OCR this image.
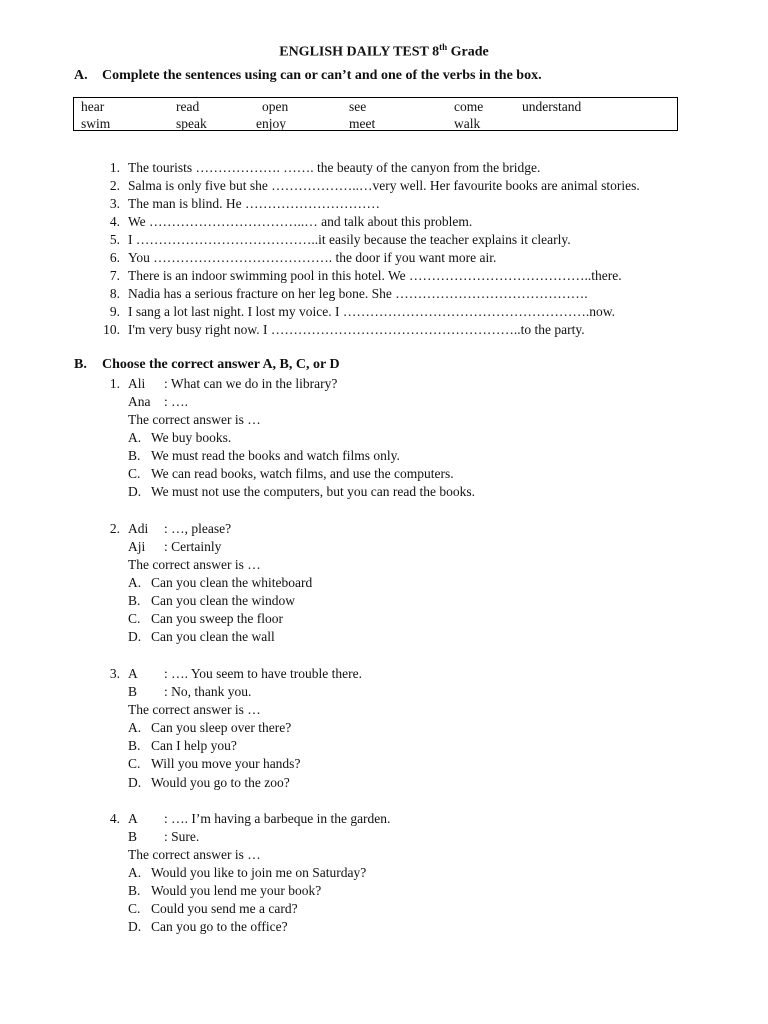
ENGLISH DAILY TEST 8th Grade
A. Complete the sentences using can or can’t and one of the verbs in the box.
hear	read	open	see	come	understand
swim	speak	enjoy	meet	walk
1. The tourists ………………. ……. the beauty of the canyon from the bridge.
2. Salma is only five but she ………………..…very well. Her favourite books are animal stories.
3. The man is blind. He …………………………
4. We ……………………………..… and talk about this problem.
5. I …………………………………..it easily because the teacher explains it clearly.
6. You …………………………………. the door if you want more air.
7. There is an indoor swimming pool in this hotel. We …………………………………..there.
8. Nadia has a serious fracture on her leg bone. She …………………………………….
9. I sang a lot last night. I lost my voice. I ……………………………………………….now.
10. I'm very busy right now. I ………………………………………………..to the party.
B. Choose the correct answer A, B, C, or D
1. Ali : What can we do in the library?
Ana : ….
The correct answer is …
A. We buy books.
B. We must read the books and watch films only.
C. We can read books, watch films, and use the computers.
D. We must not use the computers, but you can read the books.
2. Adi : …, please?
Aji : Certainly
The correct answer is …
A. Can you clean the whiteboard
B. Can you clean the window
C. Can you sweep the floor
D. Can you clean the wall
3. A : …. You seem to have trouble there.
B : No, thank you.
The correct answer is …
A. Can you sleep over there?
B. Can I help you?
C. Will you move your hands?
D. Would you go to the zoo?
4. A : …. I’m having a barbeque in the garden.
B : Sure.
The correct answer is …
A. Would you like to join me on Saturday?
B. Would you lend me your book?
C. Could you send me a card?
D. Can you go to the office?
